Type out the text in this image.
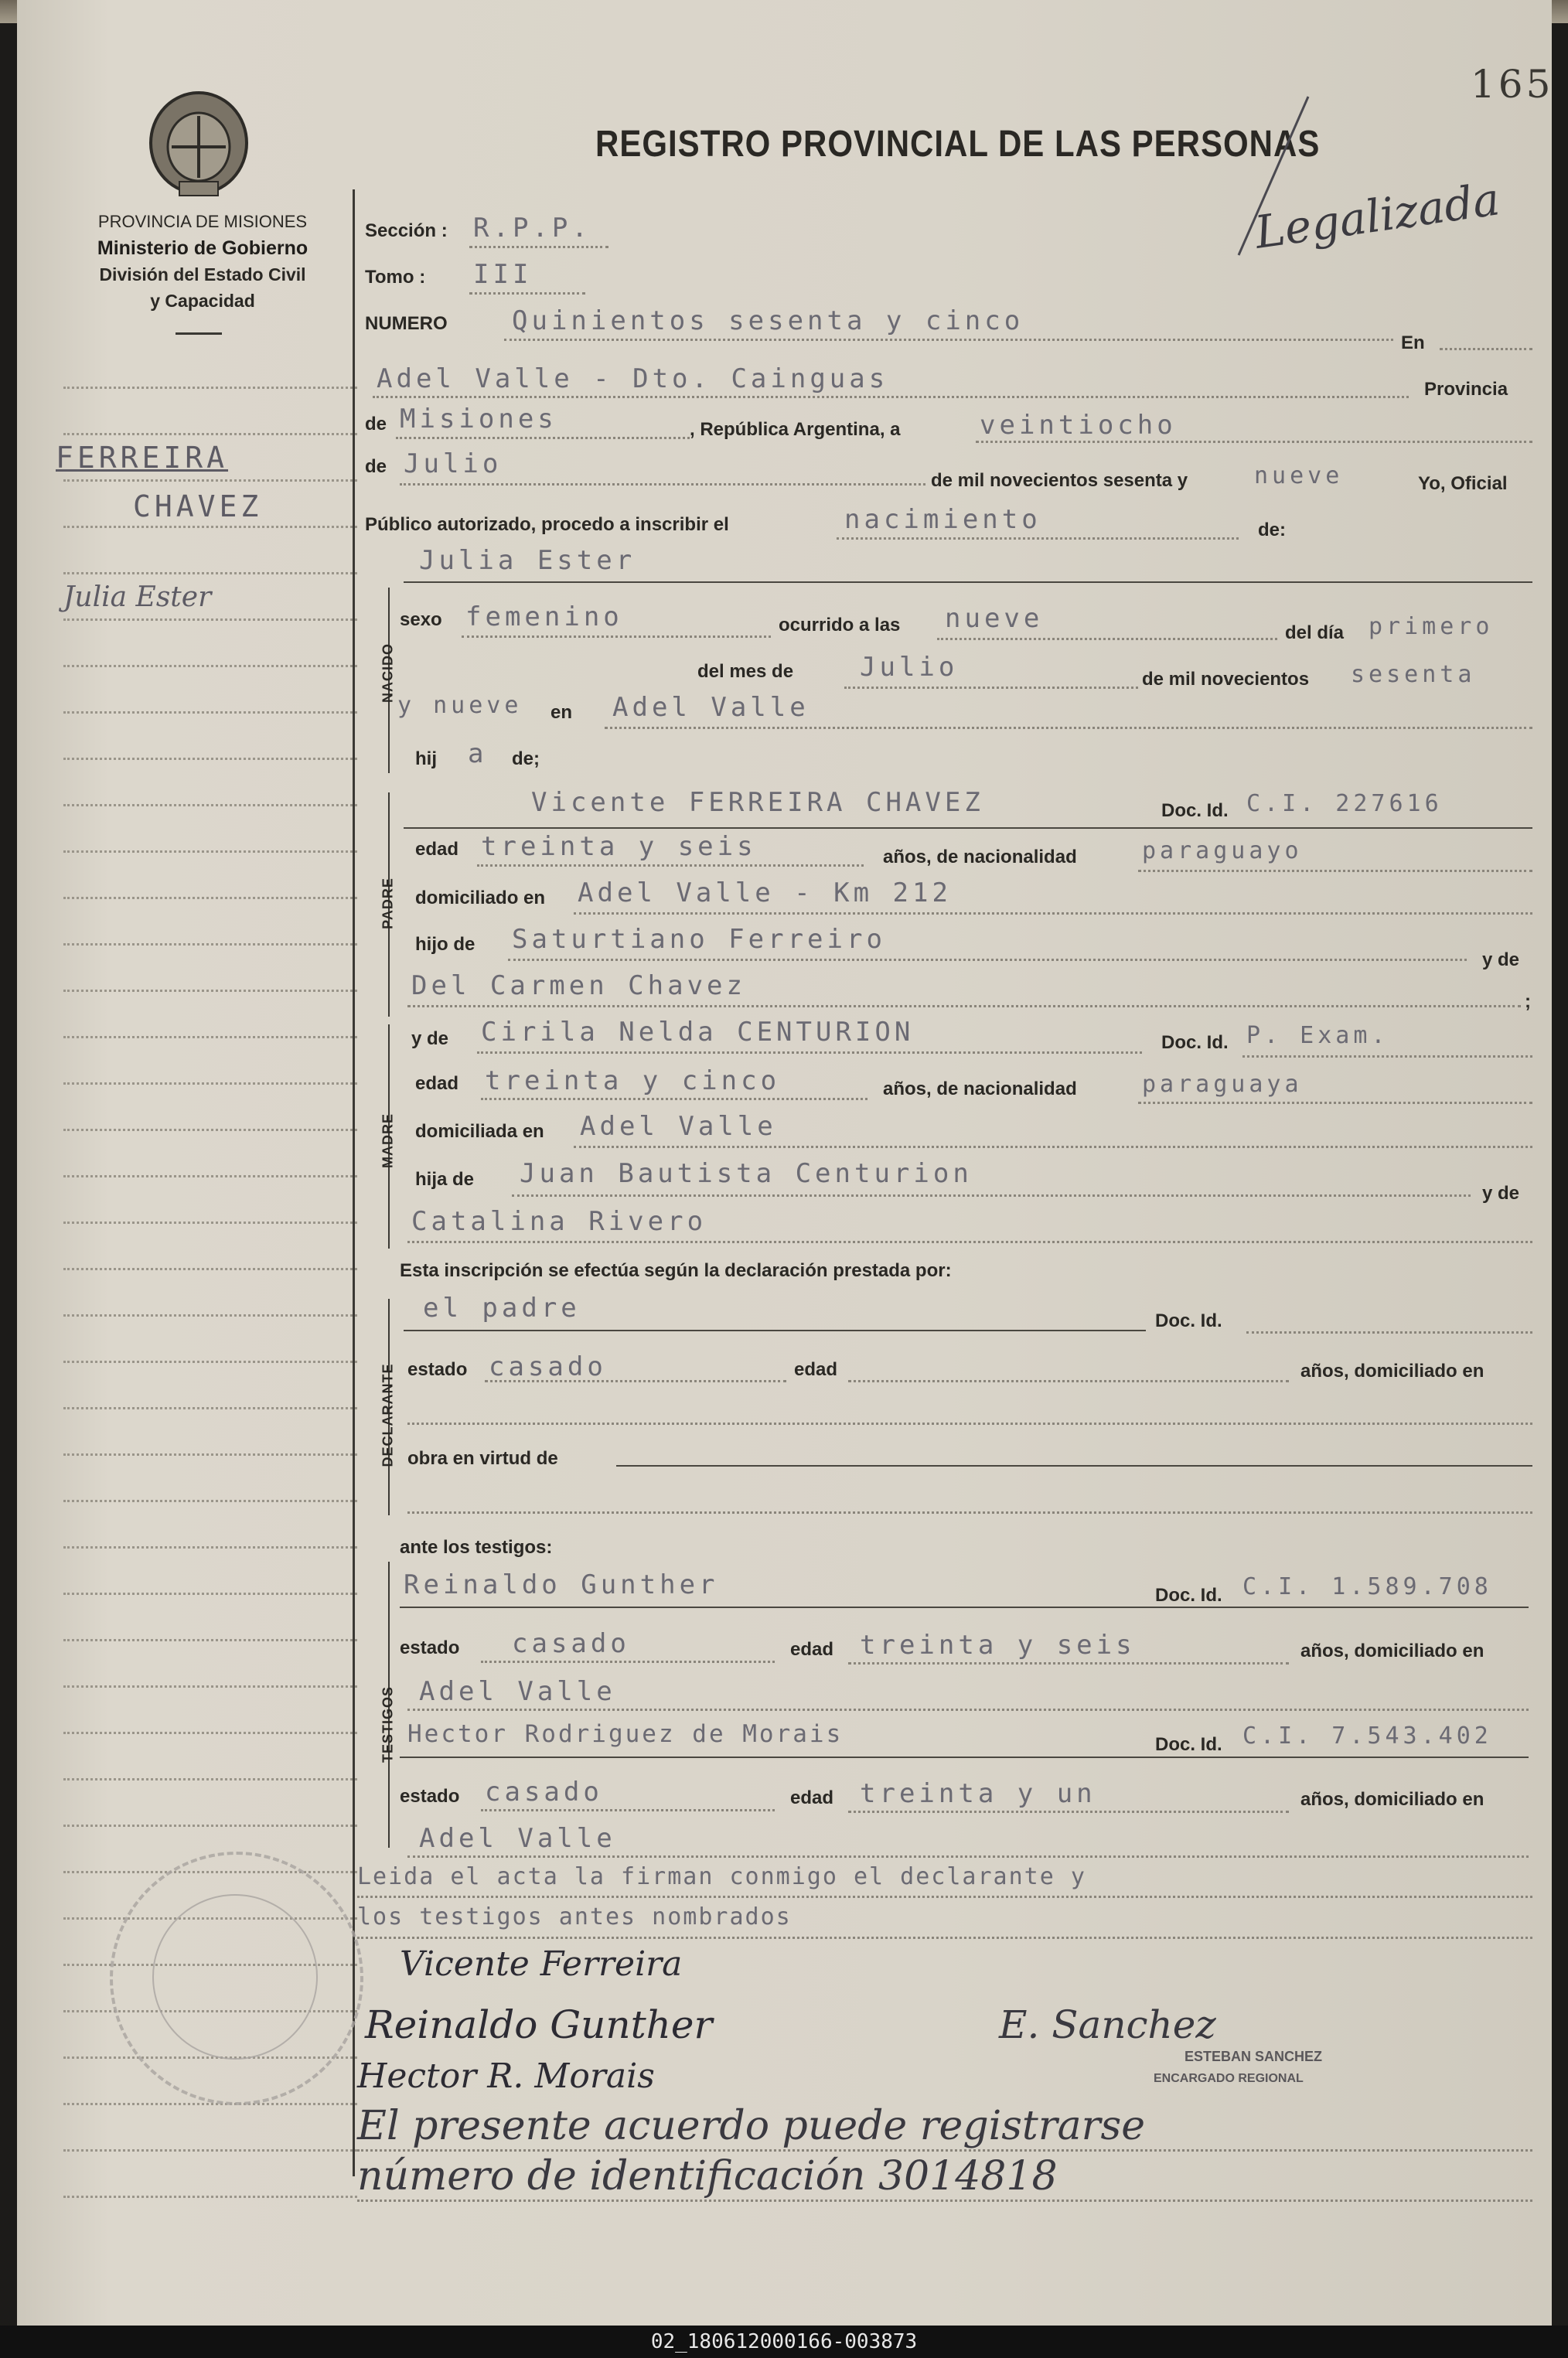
165
PROVINCIA DE MISIONES
Ministerio de Gobierno
División del Estado Civil
y Capacidad
REGISTRO PROVINCIAL DE LAS PERSONAS
Legalizada
FERREIRA
CHAVEZ
Julia Ester
NACIDO
PADRE
MADRE
DECLARANTE
TESTIGOS
Sección : R.P.P.
Tomo : III
NUMERO Quinientos sesenta y cinco
En
Adel Valle - Dto. Cainguas	Provincia
de Misiones	, República Argentina, a	veintiocho
de Julio
de mil novecientos sesenta y	nueve	Yo, Oficial
Público autorizado, procedo a inscribir el	nacimiento	de:
Julia Ester
sexo femenino	ocurrido a las nueve	del día primero
del mes de	Julio	de mil novecientos sesenta
y nueve en Adel Valle
hij a de;
Vicente FERREIRA CHAVEZ	Doc. Id. C.I. 227616
edad treinta y seis	años, de nacionalidad	paraguayo
domiciliado en Adel Valle - Km 212
hijo de Saturtiano Ferreiro
y de
Del Carmen Chavez
;
y de Cirila Nelda CENTURION	Doc. Id. P. Exam.
edad treinta y cinco	años, de nacionalidad	paraguaya
domiciliada en Adel Valle
hija de Juan Bautista Centurion
y de
Catalina Rivero
Esta inscripción se efectúa según la declaración prestada por:
el padre	Doc. Id.
estado casado	edad	años, domiciliado en
obra en virtud de
ante los testigos:
Reinaldo Gunther	Doc. Id. C.I. 1.589.708
estado casado	edad treinta y seis	años, domiciliado en
Adel Valle
Hector Rodriguez de Morais	Doc. Id. C.I. 7.543.402
estado casado	edad treinta y un	años, domiciliado en
Adel Valle
Leida el acta la firman conmigo el declarante y
los testigos antes nombrados
Vicente Ferreira
Reinaldo Gunther
Hector R. Morais
E. Sanchez
ESTEBAN SANCHEZ
ENCARGADO REGIONAL
El presente acuerdo puede registrarse
número de identificación 3014818
02_180612000166-003873
